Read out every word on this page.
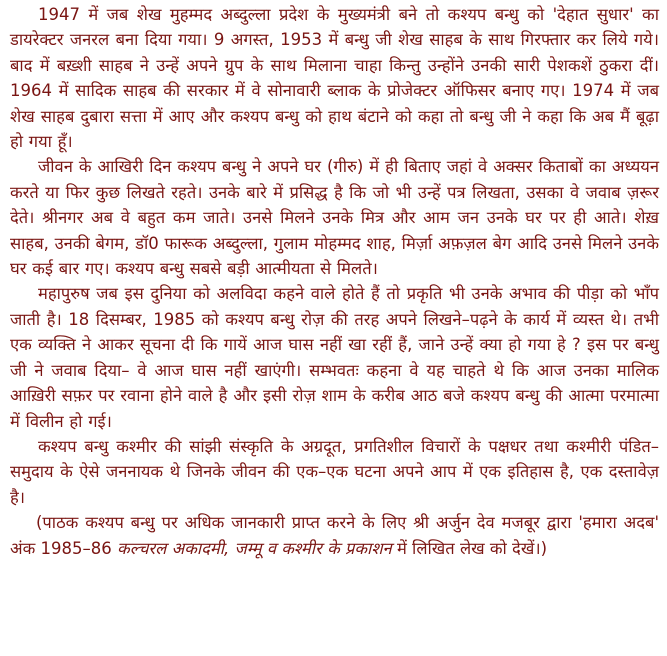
1947 में जब शेख मुहम्मद अब्दुल्ला प्रदेश के मुख्यमंत्री बने तो कश्यप बन्धु को 'देहात सुधार' का डायरेक्टर जनरल बना दिया गया। 9 अगस्त, 1953 में बन्धु जी शेख साहब के साथ गिरफ्तार कर लिये गये। बाद में बख़्शी साहब ने उन्हें अपने ग्रुप के साथ मिलाना चाहा किन्तु उन्होंने उनकी सारी पेशकशें ठुकरा दीं। 1964 में सादिक साहब की सरकार में वे सोनावारी ब्लाक के प्रोजेक्टर ऑफिसर बनाए गए। 1974 में जब शेख साहब दुबारा सत्ता में आए और कश्यप बन्धु को हाथ बंटाने को कहा तो बन्धु जी ने कहा कि अब मैं बूढ़ा हो गया हूँ।

जीवन के आखिरी दिन कश्यप बन्धु ने अपने घर (गीरु) में ही बिताए जहां वे अक्सर किताबों का अध्ययन करते या फिर कुछ लिखते रहते। उनके बारे में प्रसिद्ध है कि जो भी उन्हें पत्र लिखता, उसका वे जवाब ज़रूर देते। श्रीनगर अब वे बहुत कम जाते। उनसे मिलने उनके मित्र और आम जन उनके घर पर ही आते। शेख़ साहब, उनकी बेगम, डॉ0 फारूक अब्दुल्ला, गुलाम मोहम्मद शाह, मिर्ज़ा अफ़ज़ल बेग आदि उनसे मिलने उनके घर कई बार गए। कश्यप बन्धु सबसे बड़ी आत्मीयता से मिलते।

महापुरुष जब इस दुनिया को अलविदा कहने वाले होते हैं तो प्रकृति भी उनके अभाव की पीड़ा को भाँप जाती है। 18 दिसम्बर, 1985 को कश्यप बन्धु रोज़ की तरह अपने लिखने–पढ़ने के कार्य में व्यस्त थे। तभी एक व्यक्ति ने आकर सूचना दी कि गायें आज घास नहीं खा रहीं हैं, जाने उन्हें क्या हो गया हे ? इस पर बन्धु जी ने जवाब दिया– वे आज घास नहीं खाएंगी। सम्भवतः कहना वे यह चाहते थे कि आज उनका मालिक आख़िरी सफ़र पर रवाना होने वाले है और इसी रोज़ शाम के करीब आठ बजे कश्यप बन्धु की आत्मा परमात्मा में विलीन हो गई।

कश्यप बन्धु कश्मीर की सांझी संस्कृति के अग्रदूत, प्रगतिशील विचारों के पक्षधर तथा कश्मीरी पंडित–समुदाय के ऐसे जननायक थे जिनके जीवन की एक–एक घटना अपने आप में एक इतिहास है, एक दस्तावेज़ है।

(पाठक कश्यप बन्धु पर अधिक जानकारी प्राप्त करने के लिए श्री अर्जुन देव मजबूर द्वारा 'हमारा अदब' अंक 1985–86 कल्चरल अकादमी, जम्मू व कश्मीर के प्रकाशन में लिखित लेख को देखें।)
